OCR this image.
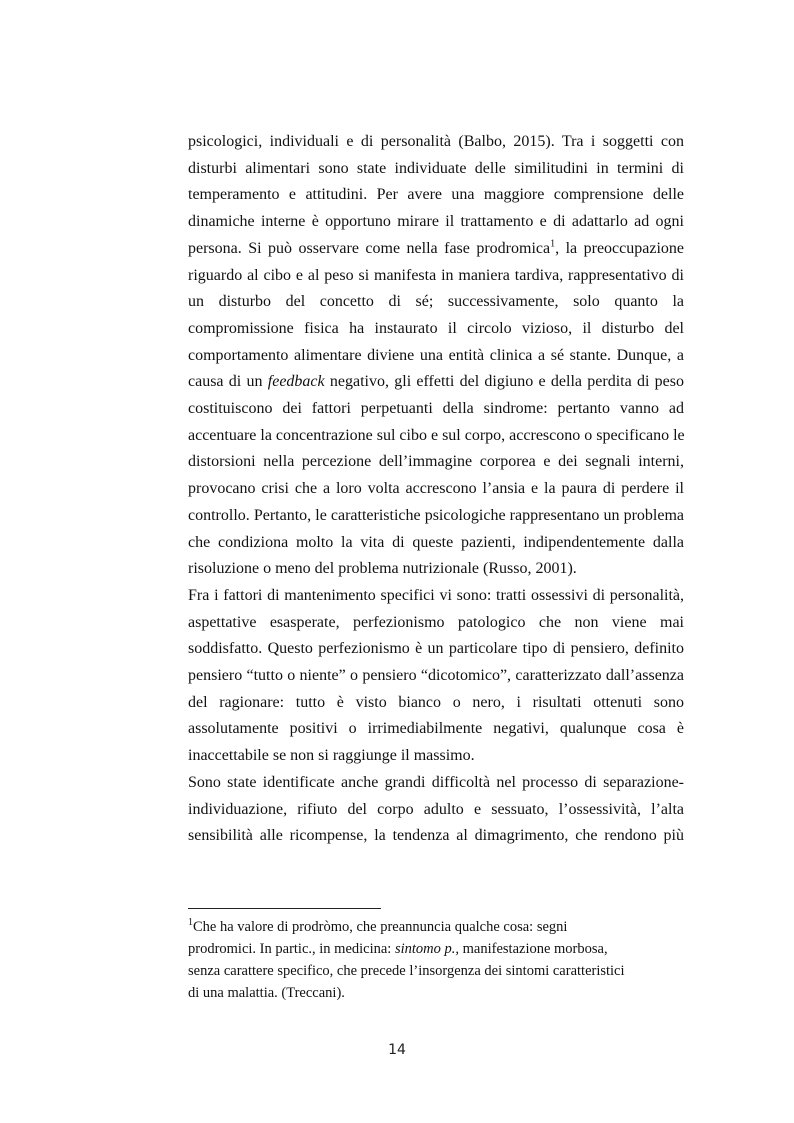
psicologici, individuali e di personalità (Balbo, 2015). Tra i soggetti con
disturbi alimentari sono state individuate delle similitudini in termini di
temperamento e attitudini. Per avere una maggiore comprensione delle
dinamiche interne è opportuno mirare il trattamento e di adattarlo ad ogni
persona. Si può osservare come nella fase prodromica$^1$, la preoccupazione
riguardo al cibo e al peso si manifesta in maniera tardiva, rappresentativo di
un disturbo del concetto di sé; successivamente, solo quanto la
compromissione fisica ha instaurato il circolo vizioso, il disturbo del
comportamento alimentare diviene una entità clinica a sé stante. Dunque, a
causa di un feedback negativo, gli effetti del digiuno e della perdita di peso
costituiscono dei fattori perpetuanti della sindrome: pertanto vanno ad
accentuare la concentrazione sul cibo e sul corpo, accrescono o specificano le
distorsioni nella percezione dell’immagine corporea e dei segnali interni,
provocano crisi che a loro volta accrescono l’ansia e la paura di perdere il
controllo. Pertanto, le caratteristiche psicologiche rappresentano un problema
che condiziona molto la vita di queste pazienti, indipendentemente dalla
risoluzione o meno del problema nutrizionale (Russo, 2001).
Fra i fattori di mantenimento specifici vi sono: tratti ossessivi di personalità,
aspettative esasperate, perfezionismo patologico che non viene mai
soddisfatto. Questo perfezionismo è un particolare tipo di pensiero, definito
pensiero “tutto o niente” o pensiero “dicotomico”, caratterizzato dall’assenza
del ragionare: tutto è visto bianco o nero, i risultati ottenuti sono
assolutamente positivi o irrimediabilmente negativi, qualunque cosa è
inaccettabile se non si raggiunge il massimo.
Sono state identificate anche grandi difficoltà nel processo di separazione-
individuazione, rifiuto del corpo adulto e sessuato, l’ossessività, l’alta
sensibilità alle ricompense, la tendenza al dimagrimento, che rendono più
$^1$Che ha valore di prodròmo, che preannuncia qualche cosa: segni
prodromici. In partic., in medicina: sintomo p., manifestazione morbosa,
senza carattere specifico, che precede l’insorgenza dei sintomi caratteristici
di una malattia. (Treccani).
14
